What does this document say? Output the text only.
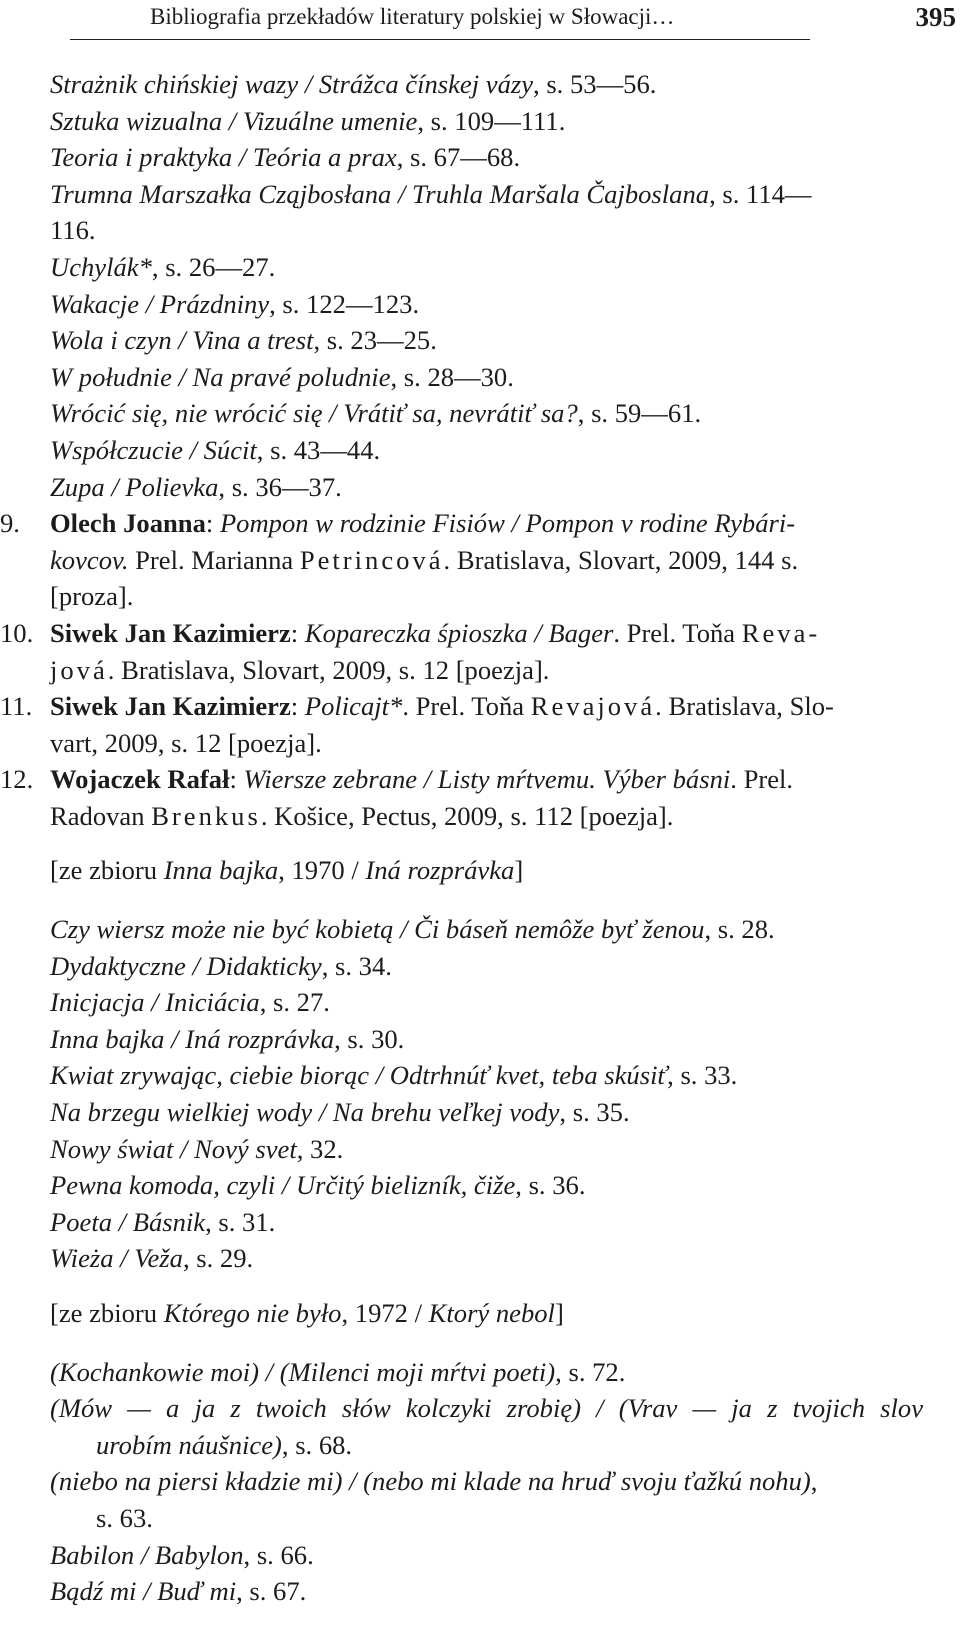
Bibliografia przekładów literatury polskiej w Słowacji…	395
Strażnik chińskiej wazy / Strážca čínskej vázy, s. 53—56.
Sztuka wizualna / Vizuálne umenie, s. 109—111.
Teoria i praktyka / Teória a prax, s. 67—68.
Trumna Marszałka Cząjbosłana / Truhla Maršala Čajboslana, s. 114—
116.
Uchylák*, s. 26—27.
Wakacje / Prázdniny, s. 122—123.
Wola i czyn / Vina a trest, s. 23—25.
W południe / Na pravé poludnie, s. 28—30.
Wrócić się, nie wrócić się / Vrátiť sa, nevrátiť sa?, s. 59—61.
Współczucie / Súcit, s. 43—44.
Zupa / Polievka, s. 36—37.
9.	Olech Joanna: Pompon w rodzinie Fisiów / Pompon v rodine Rybári-
kovcov. Prel. Marianna Petrincová. Bratislava, Slovart, 2009, 144 s.
[proza].
10. Siwek Jan Kazimierz: Kopareczka śpioszka / Bager. Prel. Toňa Reva-
jová. Bratislava, Slovart, 2009, s. 12 [poezja].
11. Siwek Jan Kazimierz: Policajt*. Prel. Toňa Revajová. Bratislava, Slo-
vart, 2009, s. 12 [poezja].
12. Wojaczek Rafał: Wiersze zebrane / Listy mŕtvemu. Výber básni. Prel.
Radovan Brenkus. Košice, Pectus, 2009, s. 112 [poezja].
[ze zbioru Inna bajka, 1970 / Iná rozprávka]
Czy wiersz może nie być kobietą / Či báseň nemôže byť ženou, s. 28.
Dydaktyczne / Didakticky, s. 34.
Inicjacja / Iniciácia, s. 27.
Inna bajka / Iná rozprávka, s. 30.
Kwiat zrywając, ciebie biorąc / Odtrhnúť kvet, teba skúsiť, s. 33.
Na brzegu wielkiej wody / Na brehu veľkej vody, s. 35.
Nowy świat / Nový svet, 32.
Pewna komoda, czyli / Určitý bielizník, čiže, s. 36.
Poeta / Básnik, s. 31.
Wieża / Veža, s. 29.
[ze zbioru Którego nie było, 1972 / Ktorý nebol]
(Kochankowie moi) / (Milenci moji mŕtvi poeti), s. 72.
(Mów — a ja z twoich słów kolczyki zrobię) / (Vrav — ja z tvojich slov
urobím náušnice), s. 68.
(niebo na piersi kładzie mi) / (nebo mi klade na hruď svoju ťažkú nohu),
s. 63.
Babilon / Babylon, s. 66.
Bądź mi / Buď mi, s. 67.
